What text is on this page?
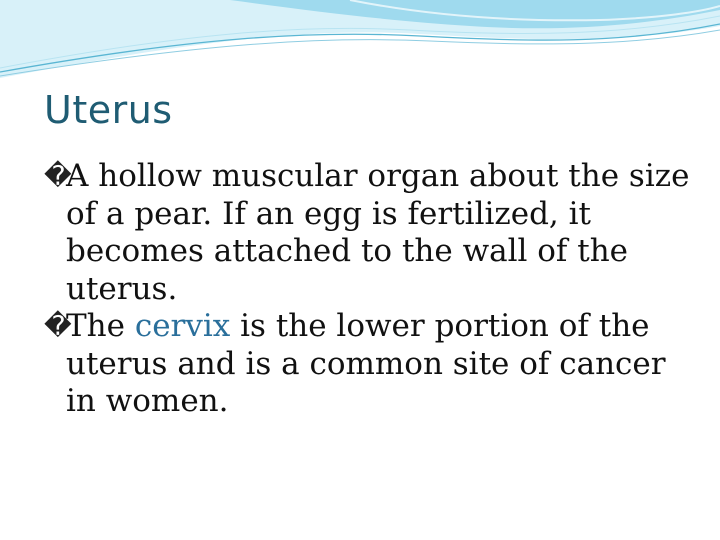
Uterus
�
A hollow muscular organ about the size of a pear. If an egg is fertilized, it becomes attached to the wall of the uterus.
�
The cervix is the lower portion of the uterus and is a common site of cancer in women.
